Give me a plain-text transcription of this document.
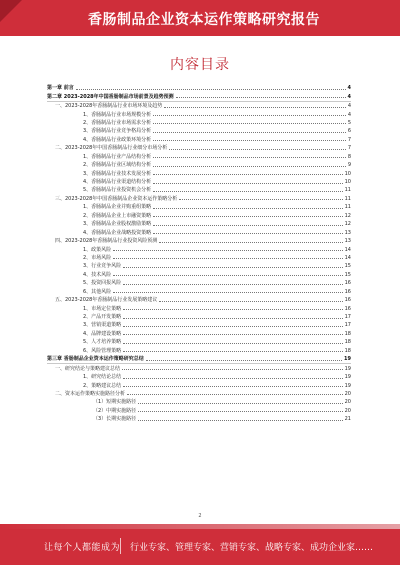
香肠制品企业资本运作策略研究报告
内容目录
第一章 前言	4
第二章 2023-2028年中国香肠制品市场前景及趋势预测	4
一、2023-2028年香肠制品行业市场环境及趋势	4
1、香肠制品行业市场规模分析	4
2、香肠制品行业市场需求分析	5
3、香肠制品行业竞争格局分析	6
4、香肠制品行业政策环境分析	7
二、2023-2028年中国香肠制品行业细分市场分析	7
1、香肠制品行业产品结构分析	8
2、香肠制品行业区域结构分析	9
3、香肠制品行业技术发展分析	10
4、香肠制品行业渠道结构分析	10
5、香肠制品行业投资机会分析	11
三、2023-2028年中国香肠制品企业资本运作策略分析	11
1、香肠制品企业并购重组策略	11
2、香肠制品企业上市融资策略	12
3、香肠制品企业股权激励策略	12
4、香肠制品企业战略投资策略	13
四、2023-2028年香肠制品行业投资风险预测	13
1、政策风险	14
2、市场风险	14
3、行业竞争风险	15
4、技术风险	15
5、投资回报风险	16
6、其他风险	16
五、2023-2028年香肠制品行业发展策略建议	16
1、市场定位策略	16
2、产品开发策略	17
3、营销渠道策略	17
4、品牌建设策略	18
5、人才培养策略	18
6、风险管理策略	18
第三章 香肠制品企业资本运作策略研究总结	19
一、研究结论与策略建议总结	19
1、研究结论总结	19
2、策略建议总结	19
二、资本运作策略实施路径分析	20
（1）短期实施路径	20
（2）中期实施路径	20
（3）长期实施路径	21
2
让每个人都能成为 行业专家、管理专家、营销专家、战略专家、成功企业家……
